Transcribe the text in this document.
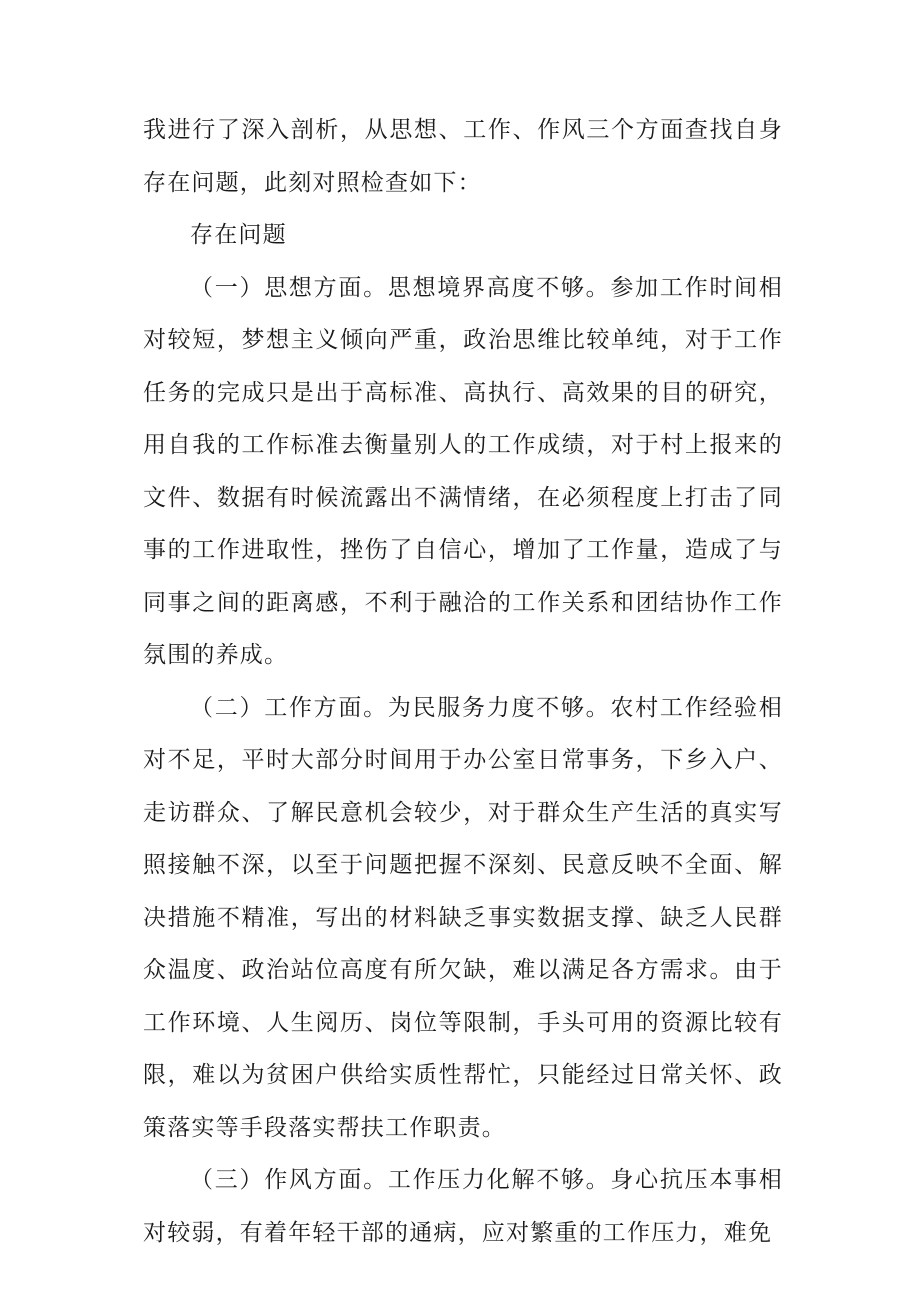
我进行了深入剖析，从思想、工作、作风三个方面查找自身存在问题，此刻对照检查如下：

存在问题

（一）思想方面。思想境界高度不够。参加工作时间相对较短，梦想主义倾向严重，政治思维比较单纯，对于工作任务的完成只是出于高标准、高执行、高效果的目的研究，用自我的工作标准去衡量别人的工作成绩，对于村上报来的文件、数据有时候流露出不满情绪，在必须程度上打击了同事的工作进取性，挫伤了自信心，增加了工作量，造成了与同事之间的距离感，不利于融洽的工作关系和团结协作工作氛围的养成。

（二）工作方面。为民服务力度不够。农村工作经验相对不足，平时大部分时间用于办公室日常事务，下乡入户、走访群众、了解民意机会较少，对于群众生产生活的真实写照接触不深，以至于问题把握不深刻、民意反映不全面、解决措施不精准，写出的材料缺乏事实数据支撑、缺乏人民群众温度、政治站位高度有所欠缺，难以满足各方需求。由于工作环境、人生阅历、岗位等限制，手头可用的资源比较有限，难以为贫困户供给实质性帮忙，只能经过日常关怀、政策落实等手段落实帮扶工作职责。

（三）作风方面。工作压力化解不够。身心抗压本事相对较弱，有着年轻干部的通病，应对繁重的工作压力，难免
